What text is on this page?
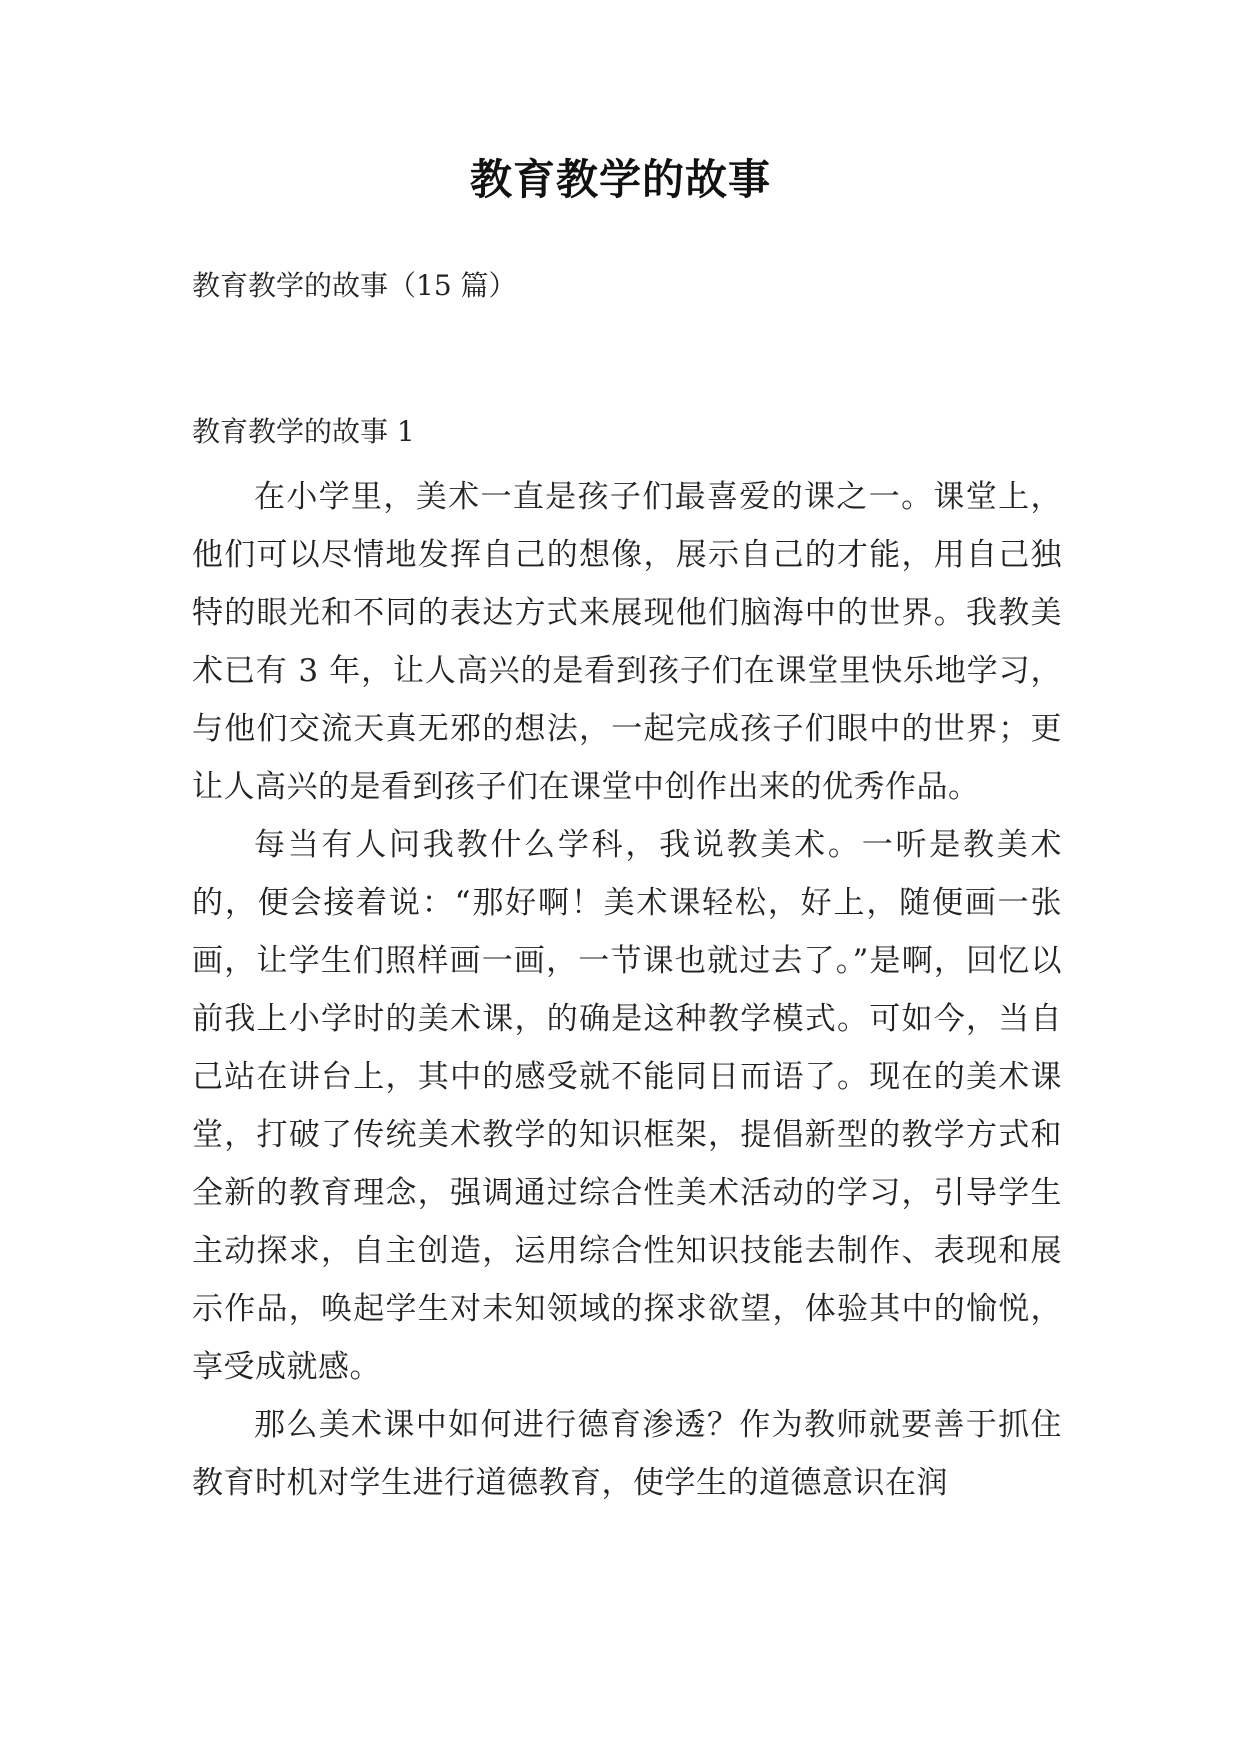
教育教学的故事
教育教学的故事（15 篇）
教育教学的故事 1

在小学里，美术一直是孩子们最喜爱的课之一。课堂上，他们可以尽情地发挥自己的想像，展示自己的才能，用自己独特的眼光和不同的表达方式来展现他们脑海中的世界。我教美术已有 3 年，让人高兴的是看到孩子们在课堂里快乐地学习，与他们交流天真无邪的想法，一起完成孩子们眼中的世界；更让人高兴的是看到孩子们在课堂中创作出来的优秀作品。

每当有人问我教什么学科，我说教美术。一听是教美术的，便会接着说：“那好啊！美术课轻松，好上，随便画一张画，让学生们照样画一画，一节课也就过去了。”是啊，回忆以前我上小学时的美术课，的确是这种教学模式。可如今，当自己站在讲台上，其中的感受就不能同日而语了。现在的美术课堂，打破了传统美术教学的知识框架，提倡新型的教学方式和全新的教育理念，强调通过综合性美术活动的学习，引导学生主动探求，自主创造，运用综合性知识技能去制作、表现和展示作品，唤起学生对未知领域的探求欲望，体验其中的愉悦，享受成就感。

那么美术课中如何进行德育渗透？作为教师就要善于抓住教育时机对学生进行道德教育，使学生的道德意识在润
